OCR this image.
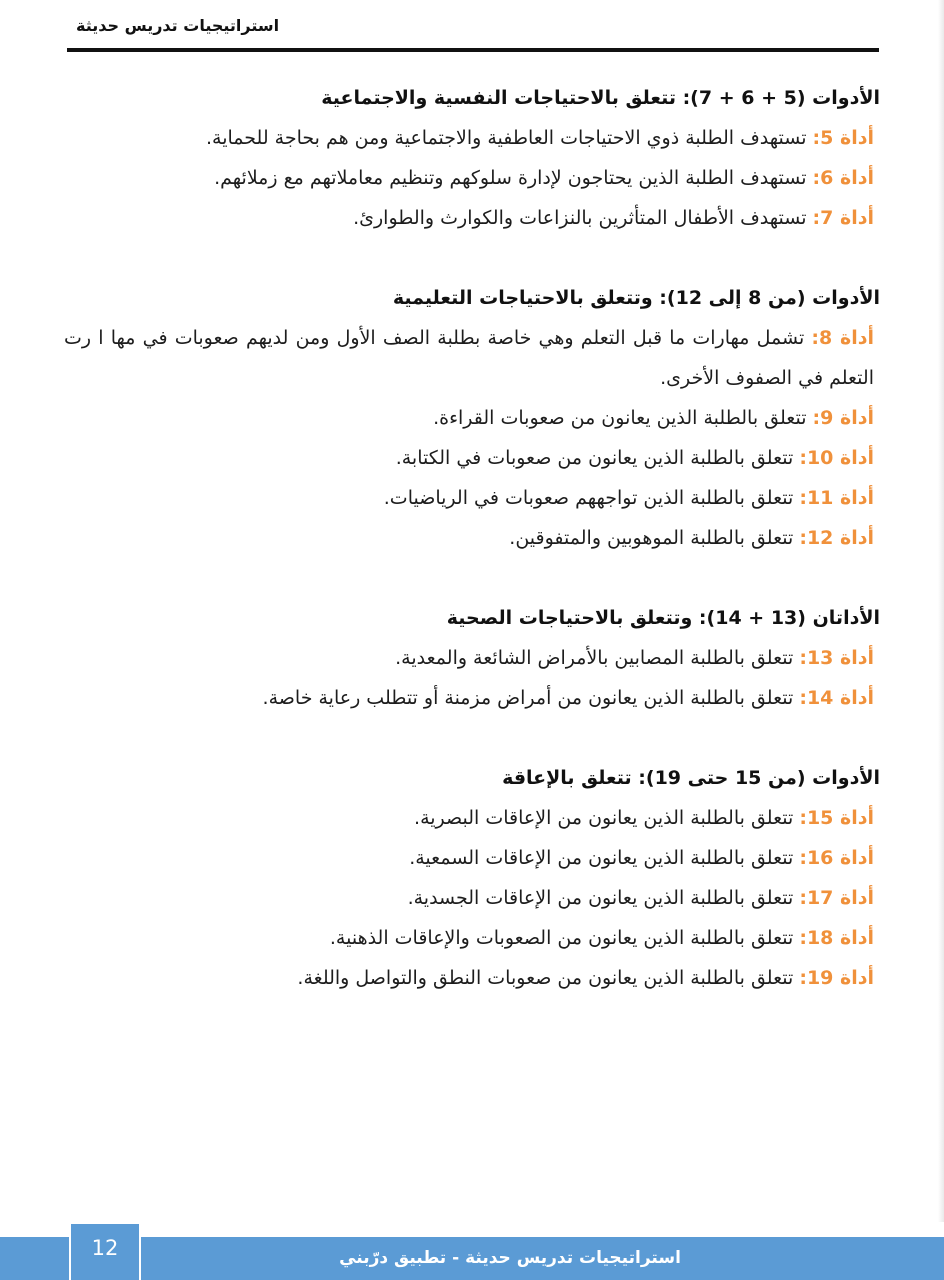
استراتيجيات تدريس حديثة
الأدوات (5 + 6 + 7): تتعلق بالاحتياجات النفسية والاجتماعية
أداة 5: تستهدف الطلبة ذوي الاحتياجات العاطفية والاجتماعية ومن هم بحاجة للحماية.
أداة 6: تستهدف الطلبة الذين يحتاجون لإدارة سلوكهم وتنظيم معاملاتهم مع زملائهم.
أداة 7: تستهدف الأطفال المتأثرين بالنزاعات والكوارث والطوارئ.
الأدوات (من 8 إلى 12): وتتعلق بالاحتياجات التعليمية
أداة 8: تشمل مهارات ما قبل التعلم وهي خاصة بطلبة الصف الأول ومن لديهم صعوبات في مها ا رت التعلم في الصفوف الأخرى.
أداة 9: تتعلق بالطلبة الذين يعانون من صعوبات القراءة.
أداة 10: تتعلق بالطلبة الذين يعانون من صعوبات في الكتابة.
أداة 11: تتعلق بالطلبة الذين تواجههم صعوبات في الرياضيات.
أداة 12: تتعلق بالطلبة الموهوبين والمتفوقين.
الأداتان (13 + 14): وتتعلق بالاحتياجات الصحية
أداة 13: تتعلق بالطلبة المصابين بالأمراض الشائعة والمعدية.
أداة 14: تتعلق بالطلبة الذين يعانون من أمراض مزمنة أو تتطلب رعاية خاصة.
الأدوات (من 15 حتى 19): تتعلق بالإعاقة
أداة 15: تتعلق بالطلبة الذين يعانون من الإعاقات البصرية.
أداة 16: تتعلق بالطلبة الذين يعانون من الإعاقات السمعية.
أداة 17: تتعلق بالطلبة الذين يعانون من الإعاقات الجسدية.
أداة 18: تتعلق بالطلبة الذين يعانون من الصعوبات والإعاقات الذهنية.
أداة 19: تتعلق بالطلبة الذين يعانون من صعوبات النطق والتواصل واللغة.
استراتيجيات تدريس حديثة - تطبيق درّبني
12
